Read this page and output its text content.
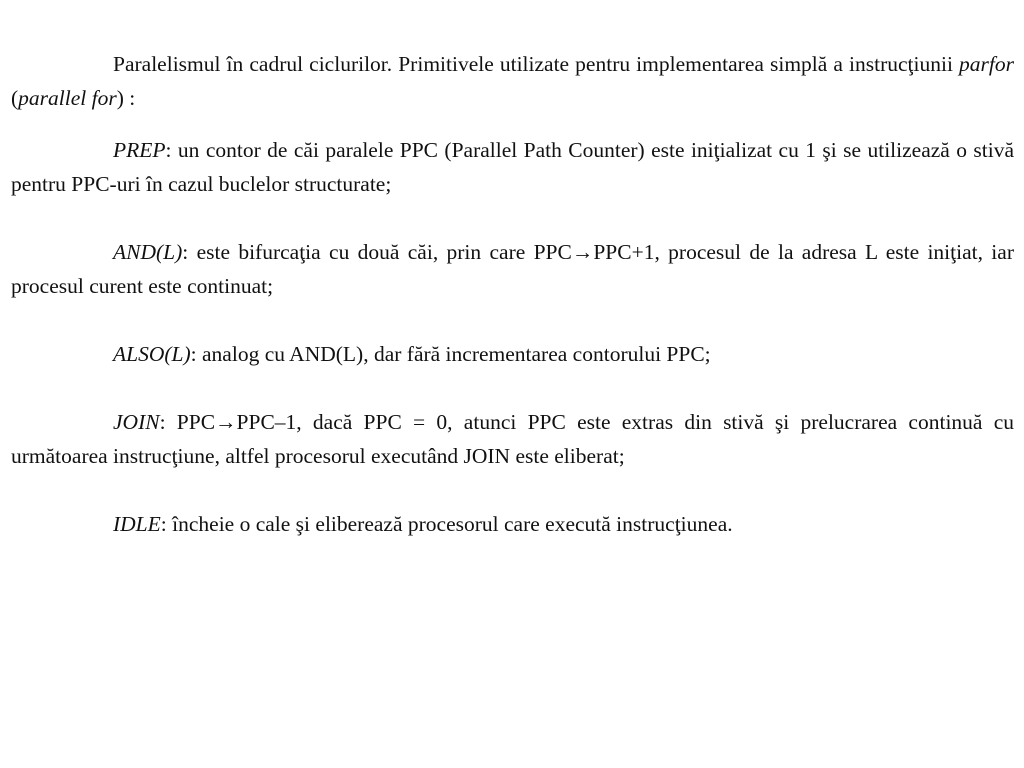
Paralelismul în cadrul ciclurilor. Primitivele utilizate pentru implementarea simplă a instrucţiunii parfor (parallel for) :

PREP: un contor de căi paralele PPC (Parallel Path Counter) este iniţializat cu 1 şi se utilizează o stivă pentru PPC-uri în cazul buclelor structurate;

AND(L): este bifurcaţia cu două căi, prin care PPC→PPC+1, procesul de la adresa L este iniţiat, iar procesul curent este continuat;

ALSO(L): analog cu AND(L), dar fără incrementarea contorului PPC;

JOIN: PPC→PPC–1, dacă PPC = 0, atunci PPC este extras din stivă şi prelucrarea continuă cu următoarea instrucţiune, altfel procesorul executând JOIN este eliberat;

IDLE: încheie o cale şi eliberează procesorul care execută instrucţiunea.
